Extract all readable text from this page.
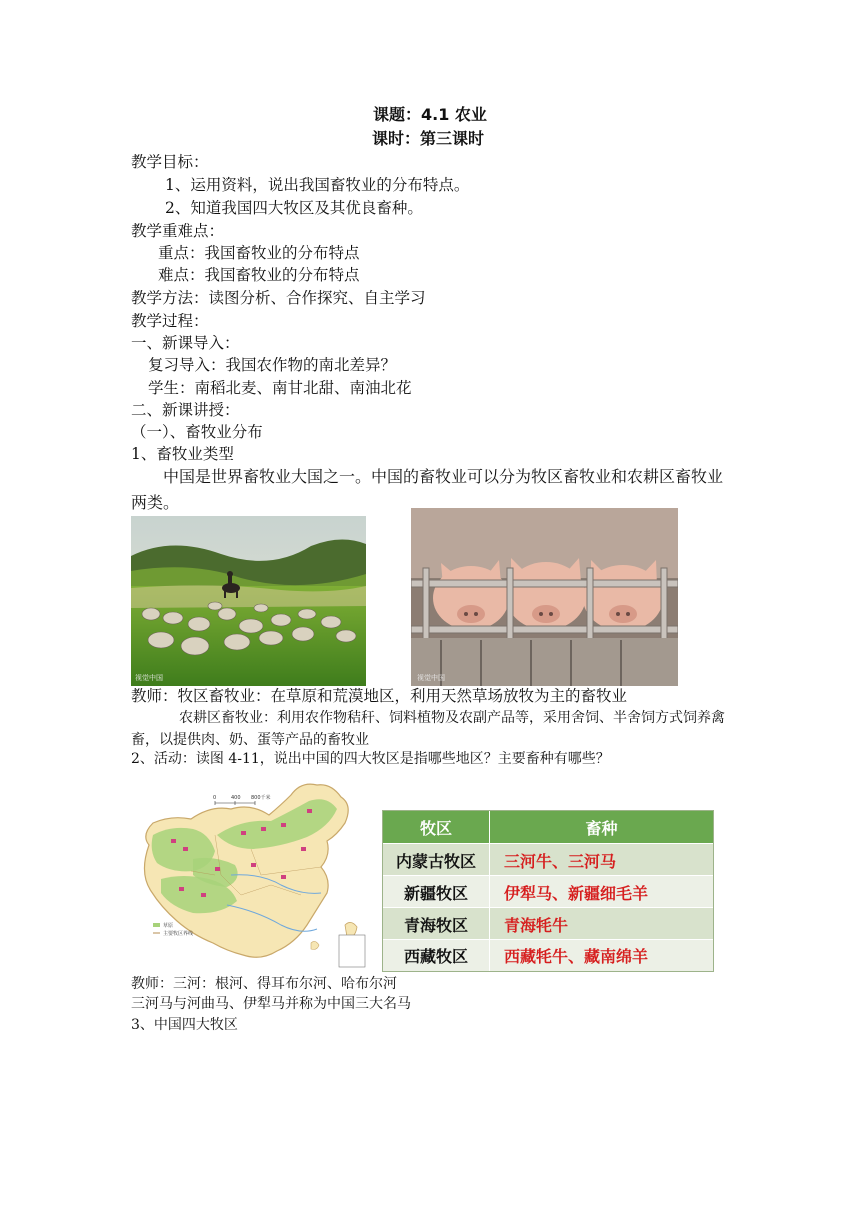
课题：4.1 农业
课时：第三课时
教学目标：
1、运用资料，说出我国畜牧业的分布特点。
2、知道我国四大牧区及其优良畜种。
教学重难点：
重点：我国畜牧业的分布特点
难点：我国畜牧业的分布特点
教学方法：读图分析、合作探究、自主学习
教学过程：
一、新课导入：
复习导入：我国农作物的南北差异？
学生：南稻北麦、南甘北甜、南油北花
二、新课讲授：
（一）、畜牧业分布
1、畜牧业类型
中国是世界畜牧业大国之一。中国的畜牧业可以分为牧区畜牧业和农耕区畜牧业两类。
视觉中国	视觉中国
教师：牧区畜牧业：在草原和荒漠地区，利用天然草场放牧为主的畜牧业
农耕区畜牧业：利用农作物秸秆、饲料植物及农副产品等，采用舍饲、半舍饲方式饲养禽畜，以提供肉、奶、蛋等产品的畜牧业
2、活动：读图 4-11，说出中国的四大牧区是指哪些地区？主要畜种有哪些？
0	400 800千米
草原
主要牧区界线
牧区	畜种
内蒙古牧区	三河牛、三河马
新疆牧区	伊犁马、新疆细毛羊
青海牧区	青海牦牛
西藏牧区	西藏牦牛、藏南绵羊
教师：三河：根河、得耳布尔河、哈布尔河
三河马与河曲马、伊犁马并称为中国三大名马
3、中国四大牧区
